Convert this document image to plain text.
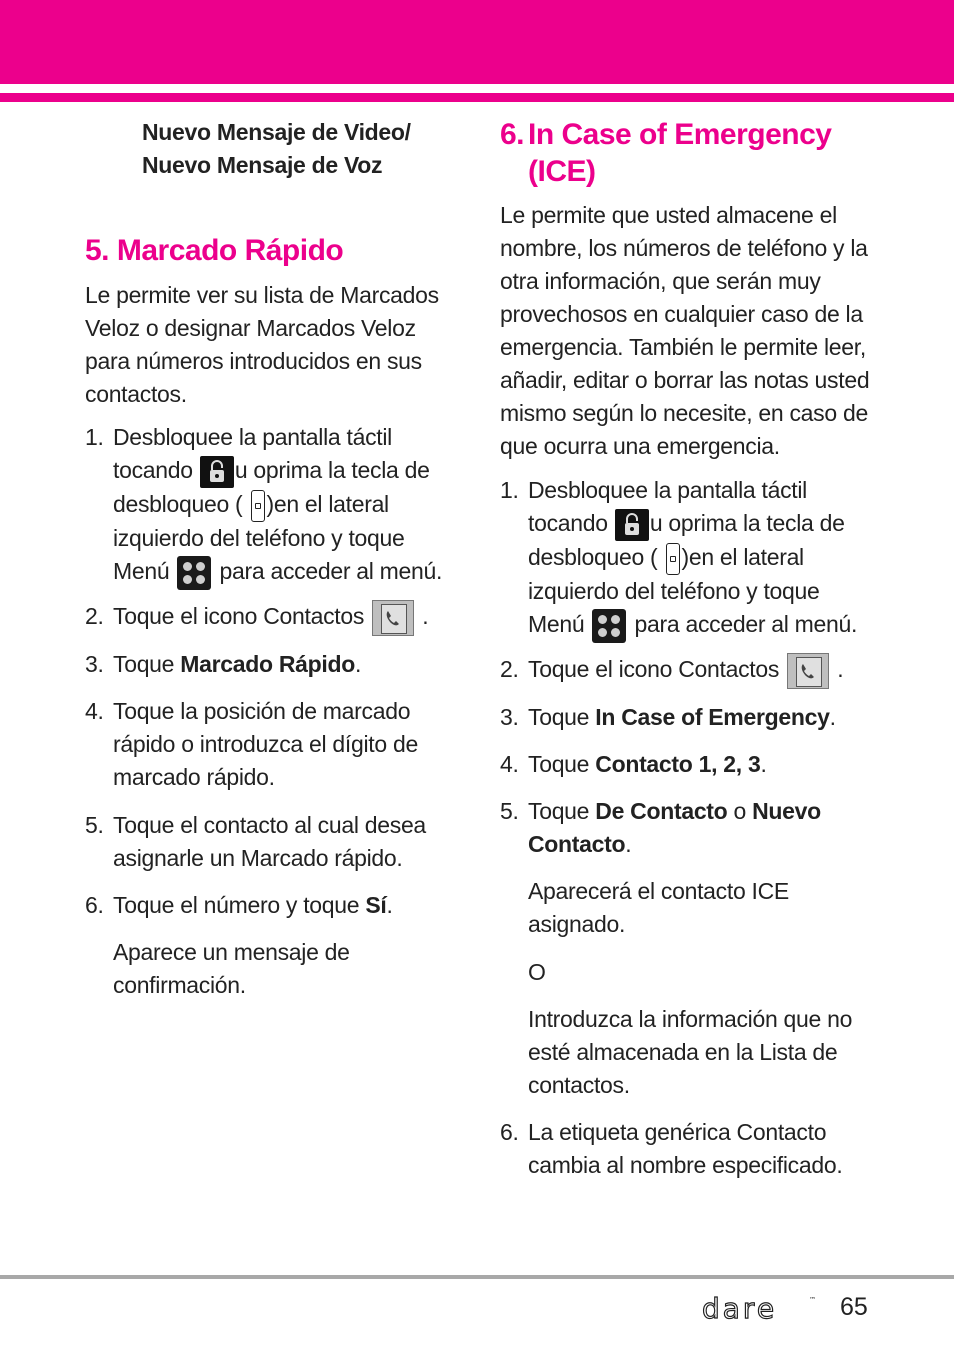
Nuevo Mensaje de Video/
Nuevo Mensaje de Voz
5. Marcado Rápido
Le permite ver su lista de Marcados Veloz o designar Marcados Veloz para números introducidos en sus contactos.
1. Desbloquee la pantalla táctil tocando u oprima la tecla de desbloqueo ( )en el lateral izquierdo del teléfono y toque Menú para acceder al menú.
2. Toque el icono Contactos	.
3. Toque Marcado Rápido.
4. Toque la posición de marcado rápido o introduzca el dígito de marcado rápido.
5. Toque el contacto al cual desea asignarle un Marcado rápido.
6. Toque el número y toque Sí.
Aparece un mensaje de confirmación.
6. In Case of Emergency
(ICE)
Le permite que usted almacene el nombre, los números de teléfono y la otra información, que serán muy provechosos en cualquier caso de la emergencia. También le permite leer, añadir, editar o borrar las notas usted mismo según lo necesite, en caso de que ocurra una emergencia.
1. Desbloquee la pantalla táctil tocando u oprima la tecla de desbloqueo ( )en el lateral izquierdo del teléfono y toque Menú para acceder al menú.
2. Toque el icono Contactos	.
3. Toque In Case of Emergency.
4. Toque Contacto 1, 2, 3.
5. Toque De Contacto o Nuevo Contacto.
Aparecerá el contacto ICE asignado.
O
Introduzca la información que no esté almacenada en la Lista de contactos.
6. La etiqueta genérica Contacto cambia al nombre especificado.
dare	™ 65
